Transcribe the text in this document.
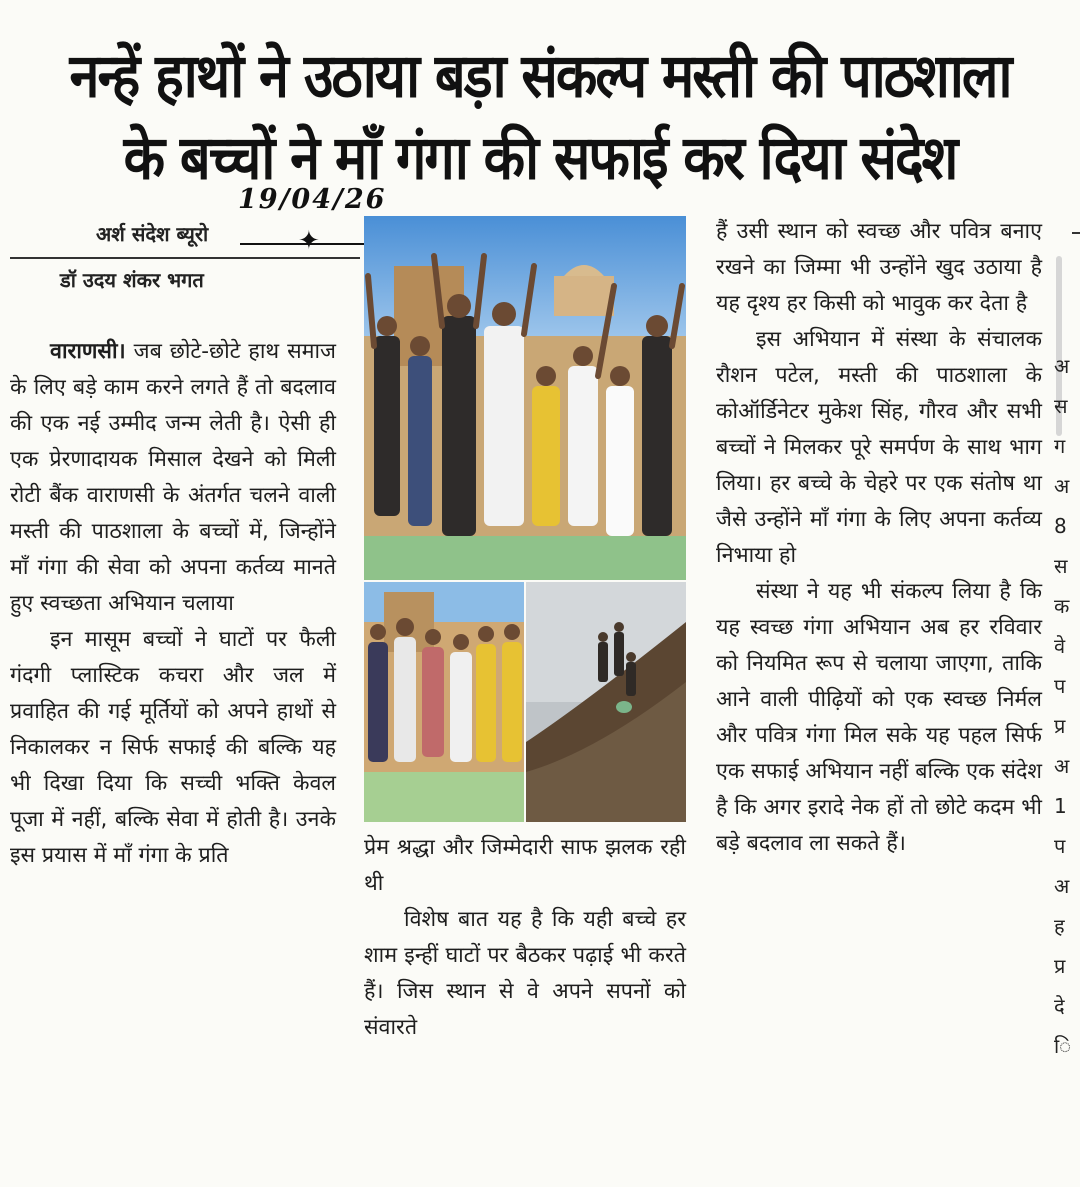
नन्हें हाथों ने उठाया बड़ा संकल्प मस्ती की पाठशाला
के बच्चों ने माँ गंगा की सफाई कर दिया संदेश
19/04/26
अर्श संदेश ब्यूरो	✦
डॉ उदय शंकर भगत

वाराणसी। जब छोटे-छोटे हाथ समाज के लिए बड़े काम करने लगते हैं तो बदलाव की एक नई उम्मीद जन्म लेती है। ऐसी ही एक प्रेरणादायक मिसाल देखने को मिली रोटी बैंक वाराणसी के अंतर्गत चलने वाली मस्ती की पाठशाला के बच्चों में, जिन्होंने माँ गंगा की सेवा को अपना कर्तव्य मानते हुए स्वच्छता अभियान चलाया

इन मासूम बच्चों ने घाटों पर फैली गंदगी प्लास्टिक कचरा और जल में प्रवाहित की गई मूर्तियों को अपने हाथों से निकालकर न सिर्फ सफाई की बल्कि यह भी दिखा दिया कि सच्ची भक्ति केवल पूजा में नहीं, बल्कि सेवा में होती है। उनके इस प्रयास में माँ गंगा के प्रति	प्रेम श्रद्धा और जिम्मेदारी साफ झलक रही थी

विशेष बात यह है कि यही बच्चे हर शाम इन्हीं घाटों पर बैठकर पढ़ाई भी करते हैं। जिस स्थान से वे अपने सपनों को संवारते

हैं उसी स्थान को स्वच्छ और पवित्र बनाए रखने का जिम्मा भी उन्होंने खुद उठाया है यह दृश्य हर किसी को भावुक कर देता है

इस अभियान में संस्था के संचालक रौशन पटेल, मस्ती की पाठशाला के कोऑर्डिनेटर मुकेश सिंह, गौरव और सभी बच्चों ने मिलकर पूरे समर्पण के साथ भाग लिया। हर बच्चे के चेहरे पर एक संतोष था जैसे उन्होंने माँ गंगा के लिए अपना कर्तव्य निभाया हो

संस्था ने यह भी संकल्प लिया है कि यह स्वच्छ गंगा अभियान अब हर रविवार को नियमित रूप से चलाया जाएगा, ताकि आने वाली पीढ़ियों को एक स्वच्छ निर्मल और पवित्र गंगा मिल सके यह पहल सिर्फ एक सफाई अभियान नहीं बल्कि एक संदेश है कि अगर इरादे नेक हों तो छोटे कदम भी बड़े बदलाव ला सकते हैं।

अ
स
ग
अ
8
स
क
वे
प
प्र
अ
1
प
अ
ह
प्र
दे
ि
